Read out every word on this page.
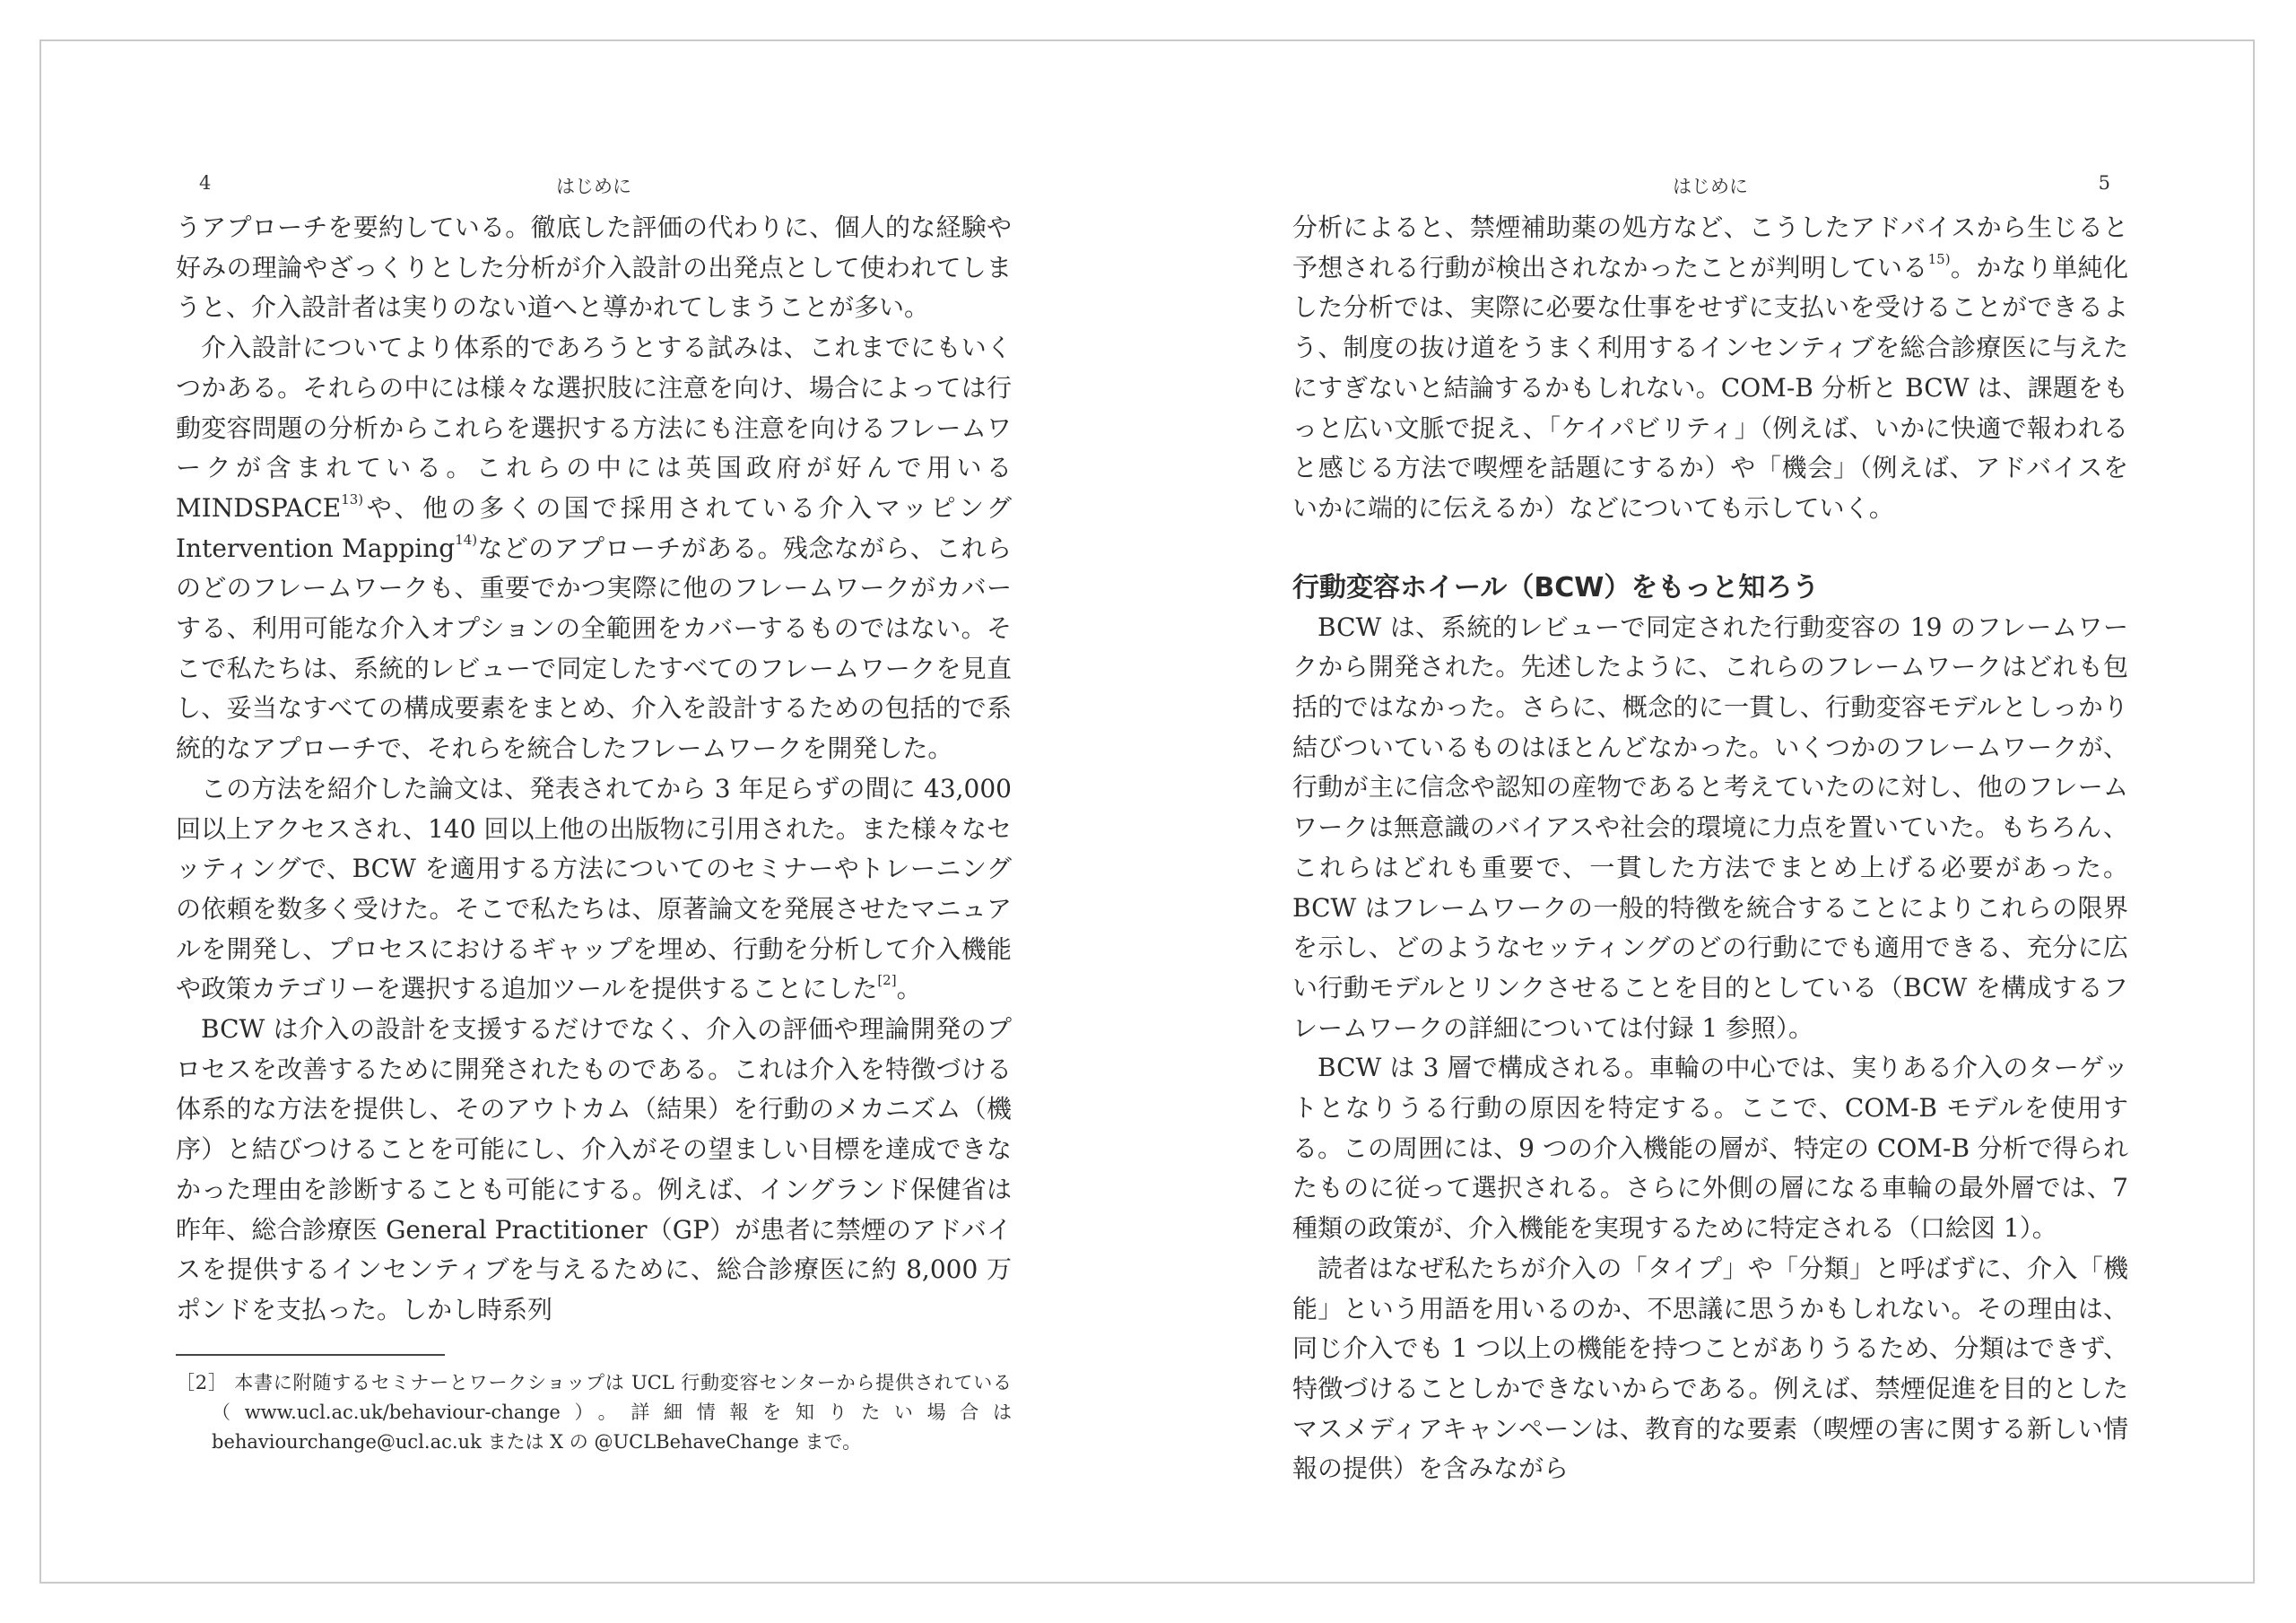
4	はじめに

うアプローチを要約している。徹底した評価の代わりに、個人的な経験や好みの理論やざっくりとした分析が介入設計の出発点として使われてしまうと、介入設計者は実りのない道へと導かれてしまうことが多い。

介入設計についてより体系的であろうとする試みは、これまでにもいくつかある。それらの中には様々な選択肢に注意を向け、場合によっては行動変容問題の分析からこれらを選択する方法にも注意を向けるフレームワークが含まれている。これらの中には英国政府が好んで用いる MINDSPACE$^{13)}$や、他の多くの国で採用されている介入マッピング Intervention Mapping$^{14)}$などのアプローチがある。残念ながら、これらのどのフレームワークも、重要でかつ実際に他のフレームワークがカバーする、利用可能な介入オプションの全範囲をカバーするものではない。そこで私たちは、系統的レビューで同定したすべてのフレームワークを見直し、妥当なすべての構成要素をまとめ、介入を設計するための包括的で系統的なアプローチで、それらを統合したフレームワークを開発した。

この方法を紹介した論文は、発表されてから 3 年足らずの間に 43,000 回以上アクセスされ、140 回以上他の出版物に引用された。また様々なセッティングで、BCW を適用する方法についてのセミナーやトレーニングの依頼を数多く受けた。そこで私たちは、原著論文を発展させたマニュアルを開発し、プロセスにおけるギャップを埋め、行動を分析して介入機能や政策カテゴリーを選択する追加ツールを提供することにした[2]。

BCW は介入の設計を支援するだけでなく、介入の評価や理論開発のプロセスを改善するために開発されたものである。これは介入を特徴づける体系的な方法を提供し、そのアウトカム（結果）を行動のメカニズム（機序）と結びつけることを可能にし、介入がその望ましい目標を達成できなかった理由を診断することも可能にする。例えば、イングランド保健省は昨年、総合診療医 General Practitioner（GP）が患者に禁煙のアドバイスを提供するインセンティブを与えるために、総合診療医に約 8,000 万ポンドを支払った。しかし時系列

［2］ 本書に附随するセミナーとワークショップは UCL 行動変容センターから提供されている（www.ucl.ac.uk/behaviour-change）。詳細情報を知りたい場合は behaviourchange@ucl.ac.uk または X の @UCLBehaveChange まで。
はじめに	5

分析によると、禁煙補助薬の処方など、こうしたアドバイスから生じると予想される行動が検出されなかったことが判明している$^{15)}$。かなり単純化した分析では、実際に必要な仕事をせずに支払いを受けることができるよう、制度の抜け道をうまく利用するインセンティブを総合診療医に与えたにすぎないと結論するかもしれない。COM-B 分析と BCW は、課題をもっと広い文脈で捉え、「ケイパビリティ」（例えば、いかに快適で報われると感じる方法で喫煙を話題にするか）や「機会」（例えば、アドバイスをいかに端的に伝えるか）などについても示していく。

行動変容ホイール（BCW）をもっと知ろう

BCW は、系統的レビューで同定された行動変容の 19 のフレームワークから開発された。先述したように、これらのフレームワークはどれも包括的ではなかった。さらに、概念的に一貫し、行動変容モデルとしっかり結びついているものはほとんどなかった。いくつかのフレームワークが、行動が主に信念や認知の産物であると考えていたのに対し、他のフレームワークは無意識のバイアスや社会的環境に力点を置いていた。もちろん、これらはどれも重要で、一貫した方法でまとめ上げる必要があった。BCW はフレームワークの一般的特徴を統合することによりこれらの限界を示し、どのようなセッティングのどの行動にでも適用できる、充分に広い行動モデルとリンクさせることを目的としている（BCW を構成するフレームワークの詳細については付録 1 参照）。

BCW は 3 層で構成される。車輪の中心では、実りある介入のターゲットとなりうる行動の原因を特定する。ここで、COM-B モデルを使用する。この周囲には、9 つの介入機能の層が、特定の COM-B 分析で得られたものに従って選択される。さらに外側の層になる車輪の最外層では、7 種類の政策が、介入機能を実現するために特定される（口絵図 1）。

読者はなぜ私たちが介入の「タイプ」や「分類」と呼ばずに、介入「機能」という用語を用いるのか、不思議に思うかもしれない。その理由は、同じ介入でも 1 つ以上の機能を持つことがありうるため、分類はできず、特徴づけることしかできないからである。例えば、禁煙促進を目的としたマスメディアキャンペーンは、教育的な要素（喫煙の害に関する新しい情報の提供）を含みながら
